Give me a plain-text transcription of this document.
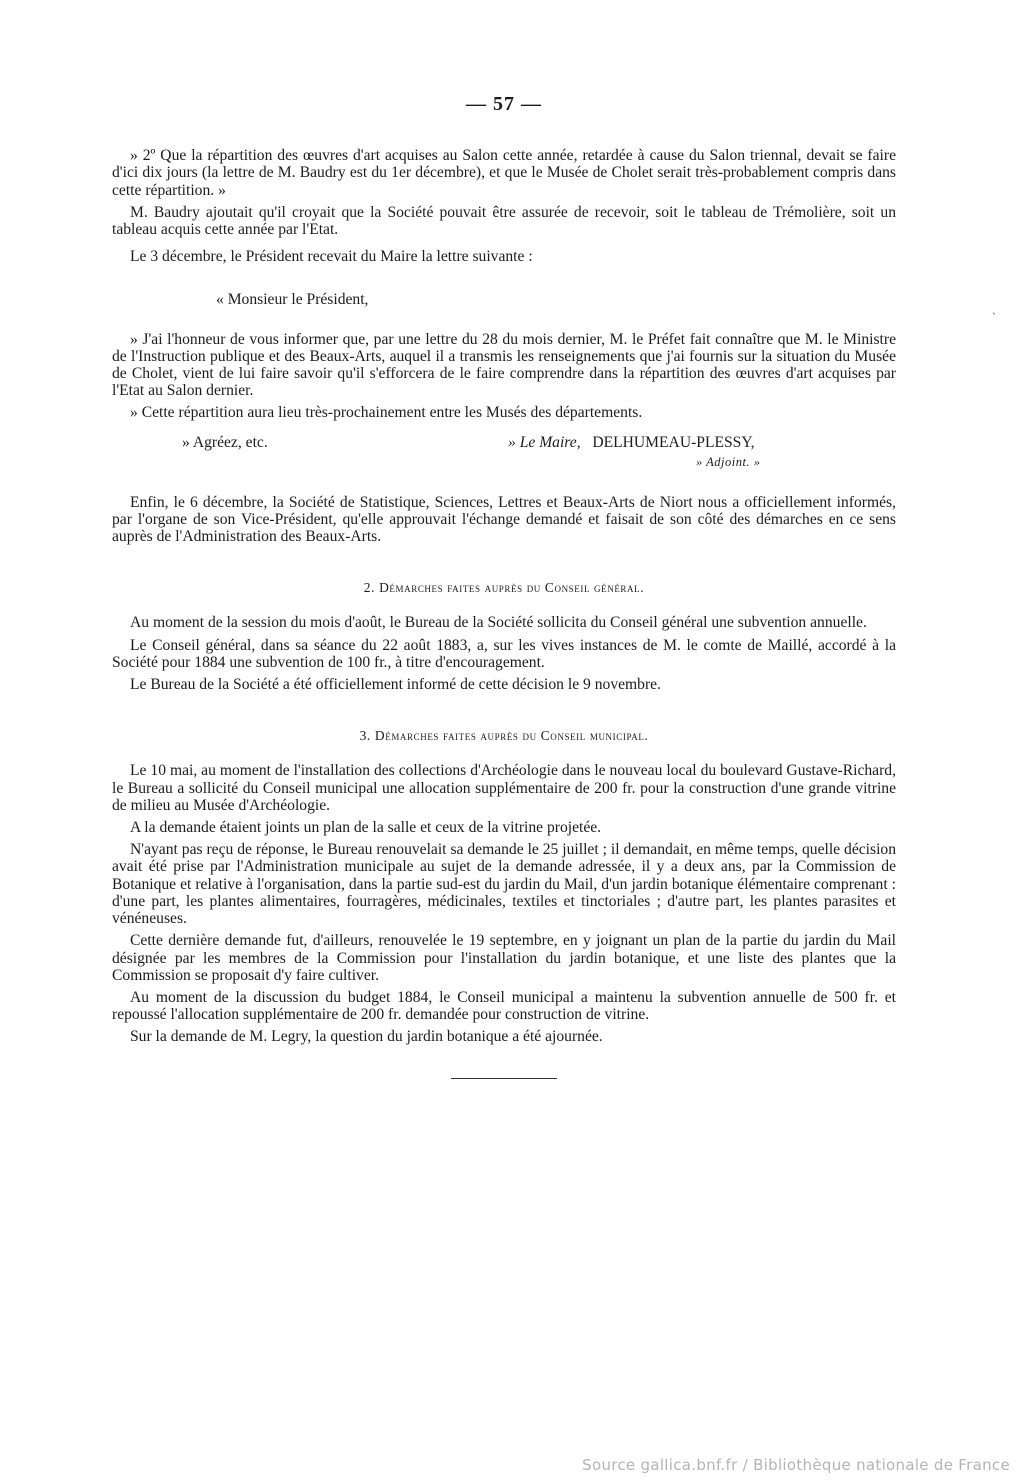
— 57 —

» 2º Que la répartition des œuvres d'art acquises au Salon cette année, retardée à cause du Salon triennal, devait se faire d'ici dix jours (la lettre de M. Baudry est du 1er décembre), et que le Musée de Cholet serait très-probablement compris dans cette répartition. »

M. Baudry ajoutait qu'il croyait que la Société pouvait être assurée de recevoir, soit le tableau de Trémolière, soit un tableau acquis cette année par l'Etat.

Le 3 décembre, le Président recevait du Maire la lettre suivante :

« Monsieur le Président,

» J'ai l'honneur de vous informer que, par une lettre du 28 du mois dernier, M. le Préfet fait connaître que M. le Ministre de l'Instruction publique et des Beaux-Arts, auquel il a transmis les renseignements que j'ai fournis sur la situation du Musée de Cholet, vient de lui faire savoir qu'il s'efforcera de le faire comprendre dans la répartition des œuvres d'art acquises par l'Etat au Salon dernier.

» Cette répartition aura lieu très-prochainement entre les Musés des départements.

» Agréez, etc.	» Le Maire, DELHUMEAU-PLESSY,
» Adjoint. »

Enfin, le 6 décembre, la Société de Statistique, Sciences, Lettres et Beaux-Arts de Niort nous a officiellement informés, par l'organe de son Vice-Président, qu'elle approuvait l'échange demandé et faisait de son côté des démarches en ce sens auprès de l'Administration des Beaux-Arts.

2. Démarches faites auprès du Conseil général.

Au moment de la session du mois d'août, le Bureau de la Société sollicita du Conseil général une subvention annuelle.

Le Conseil général, dans sa séance du 22 août 1883, a, sur les vives instances de M. le comte de Maillé, accordé à la Société pour 1884 une subvention de 100 fr., à titre d'encouragement.

Le Bureau de la Société a été officiellement informé de cette décision le 9 novembre.

3. Démarches faites auprès du Conseil municipal.

Le 10 mai, au moment de l'installation des collections d'Archéologie dans le nouveau local du boulevard Gustave-Richard, le Bureau a sollicité du Conseil municipal une allocation supplémentaire de 200 fr. pour la construction d'une grande vitrine de milieu au Musée d'Archéologie.

A la demande étaient joints un plan de la salle et ceux de la vitrine projetée.

N'ayant pas reçu de réponse, le Bureau renouvelait sa demande le 25 juillet ; il demandait, en même temps, quelle décision avait été prise par l'Administration municipale au sujet de la demande adressée, il y a deux ans, par la Commission de Botanique et relative à l'organisation, dans la partie sud-est du jardin du Mail, d'un jardin botanique élémentaire comprenant : d'une part, les plantes alimentaires, fourragères, médicinales, textiles et tinctoriales ; d'autre part, les plantes parasites et vénéneuses.

Cette dernière demande fut, d'ailleurs, renouvelée le 19 septembre, en y joignant un plan de la partie du jardin du Mail désignée par les membres de la Commission pour l'installation du jardin botanique, et une liste des plantes que la Commission se proposait d'y faire cultiver.

Au moment de la discussion du budget 1884, le Conseil municipal a maintenu la subvention annuelle de 500 fr. et repoussé l'allocation supplémentaire de 200 fr. demandée pour construction de vitrine.

Sur la demande de M. Legry, la question du jardin botanique a été ajournée.

ˋ
Source gallica.bnf.fr / Bibliothèque nationale de France
